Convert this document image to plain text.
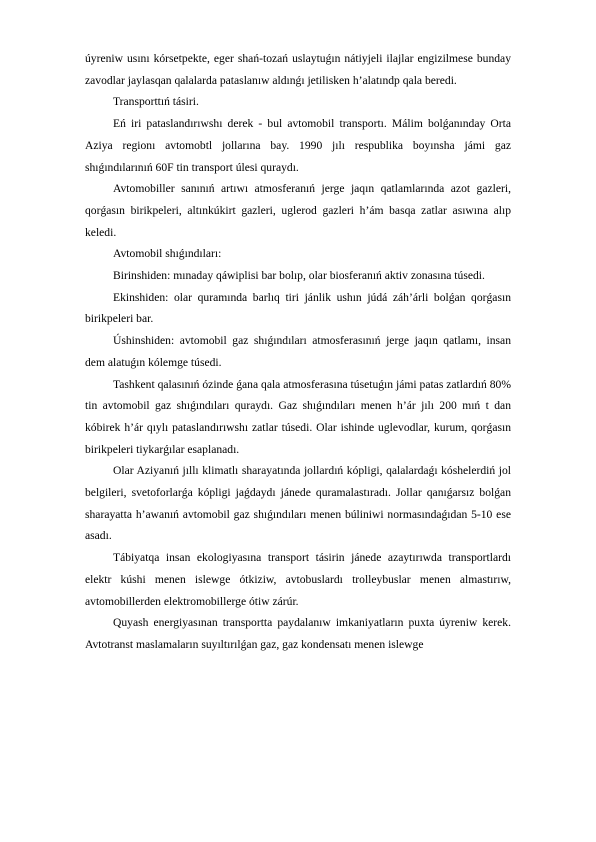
úyreniw usını kórsetpekte, eger shań-tozań uslaytuǵın nátiyjeli ilajlar engizilmese bunday zavodlar jaylasqan qalalarda pataslanıw aldınǵı jetilisken h’alatındp qala beredi.

Transporttıń tásiri.

Eń iri pataslandırıwshı derek - bul avtomobil transportı. Málim bolǵanınday Orta Aziya regionı avtomobtl jollarına bay. 1990 jılı respublika boyınsha jámi gaz shıǵındılarınıń 60F tin transport úlesi quraydı.

Avtomobiller sanınıń artıwı atmosferanıń jerge jaqın qatlamlarında azot gazleri, qorǵasın birikpeleri, altınkúkirt gazleri, uglerod gazleri h’ám basqa zatlar asıwına alıp keledi.

Avtomobil shıǵındıları:

Birinshiden: mınaday qáwiplisi bar bolıp, olar biosferanıń aktiv zonasına túsedi.

Ekinshiden: olar quramında barlıq tiri jánlik ushın júdá záh’árli bolǵan qorǵasın birikpeleri bar.

Úshinshiden: avtomobil gaz shıǵındıları atmosferasınıń jerge jaqın qatlamı, insan dem alatuǵın kólemge túsedi.

Tashkent qalasınıń ózinde ǵana qala atmosferasına túsetuǵın jámi patas zatlardıń 80% tin avtomobil gaz shıǵındıları quraydı. Gaz shıǵındıları menen h’ár jılı 200 mıń t dan kóbirek h’ár qıylı pataslandırıwshı zatlar túsedi. Olar ishinde uglevodlar, kurum, qorǵasın birikpeleri tiykarǵılar esaplanadı.

Olar Aziyanıń jıllı klimatlı sharayatında jollardıń kópligi, qalalardaǵı kóshelerdiń jol belgileri, svetoforlarǵa kópligi jaǵdaydı jánede quramalastıradı. Jollar qanıǵarsız bolǵan sharayatta h’awanıń avtomobil gaz shıǵındıları menen búliniwi normasındaǵıdan 5-10 ese asadı.

Tábiyatqa insan ekologiyasına transport tásirin jánede azaytırıwda transportlardı elektr kúshi menen islewge ótkiziw, avtobuslardı trolleybuslar menen almastırıw, avtomobillerden elektromobillerge ótiw zárúr.

Quyash energiyasınan transportta paydalanıw imkaniyatların puxta úyreniw kerek. Avtotranst maslamaların suyıltırılǵan gaz, gaz kondensatı menen islewge
